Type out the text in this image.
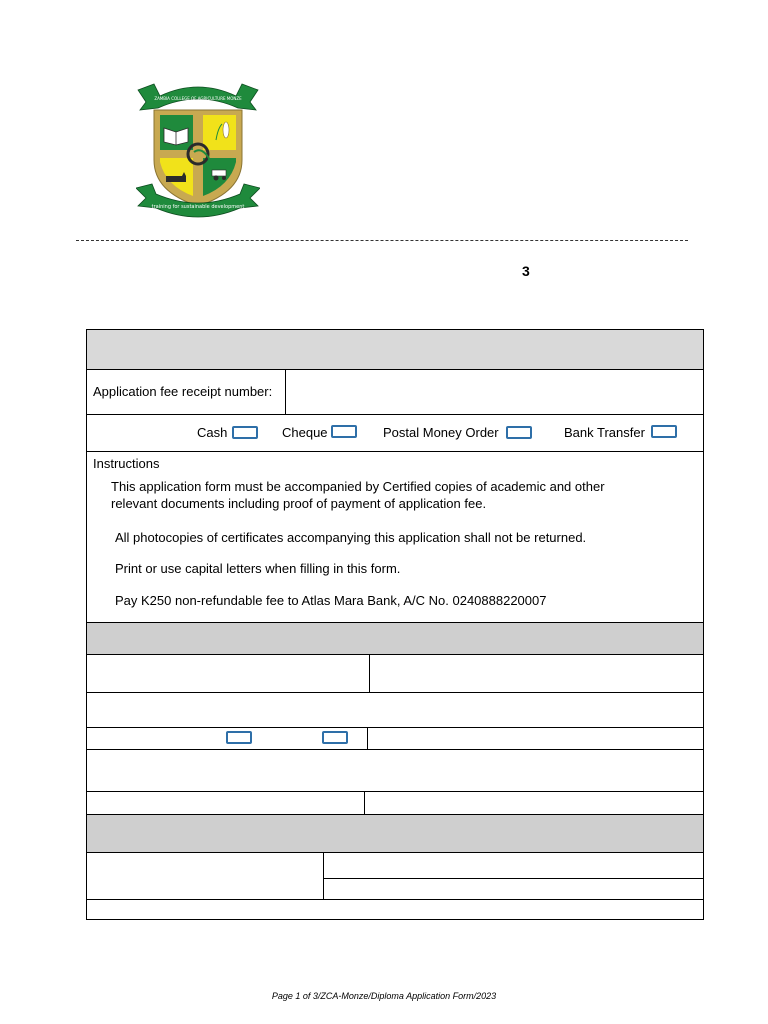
ZAMBIA COLLEGE OF AGRICULTURE MONZE
training for sustainable development
3
Application fee receipt number:
Cash	Cheque	Postal Money Order	Bank Transfer
Instructions
This application form must be accompanied by Certified copies of academic and other
relevant documents including proof of payment of application fee.
All photocopies of certificates accompanying this application shall not be returned.
Print or use capital letters when filling in this form.
Pay K250 non-refundable fee to Atlas Mara Bank, A/C No. 0240888220007
Page 1 of 3/ZCA-Monze/Diploma Application Form/2023
